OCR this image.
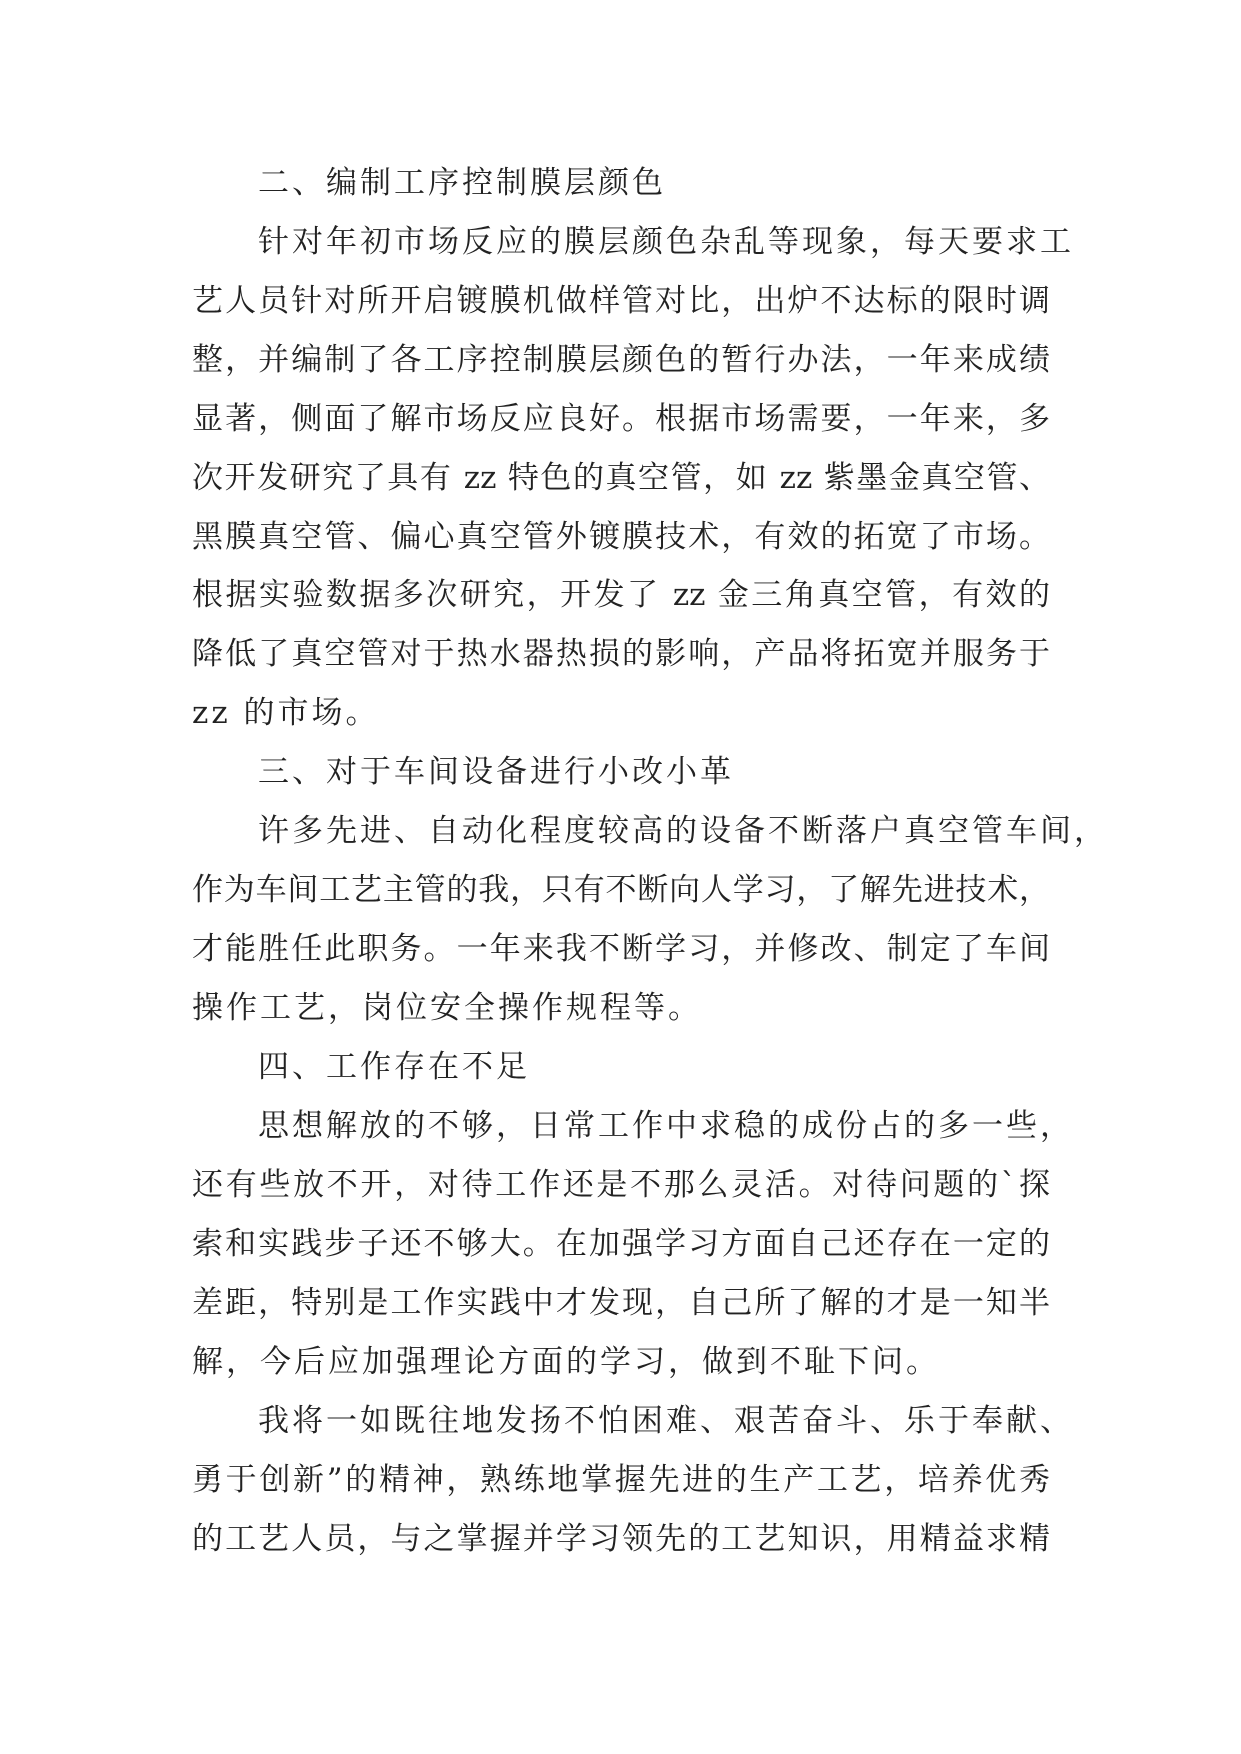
二、编制工序控制膜层颜色
针对年初市场反应的膜层颜色杂乱等现象，每天要求工
艺人员针对所开启镀膜机做样管对比，出炉不达标的限时调
整，并编制了各工序控制膜层颜色的暂行办法，一年来成绩
显著，侧面了解市场反应良好。根据市场需要，一年来，多
次开发研究了具有 zz 特色的真空管，如 zz 紫墨金真空管、
黑膜真空管、偏心真空管外镀膜技术，有效的拓宽了市场。
根据实验数据多次研究，开发了 zz 金三角真空管，有效的
降低了真空管对于热水器热损的影响，产品将拓宽并服务于
zz 的市场。
三、对于车间设备进行小改小革
许多先进、自动化程度较高的设备不断落户真空管车间，
作为车间工艺主管的我，只有不断向人学习，了解先进技术，
才能胜任此职务。一年来我不断学习，并修改、制定了车间
操作工艺，岗位安全操作规程等。
四、工作存在不足
思想解放的不够，日常工作中求稳的成份占的多一些，
还有些放不开，对待工作还是不那么灵活。对待问题的`探
索和实践步子还不够大。在加强学习方面自己还存在一定的
差距，特别是工作实践中才发现，自己所了解的才是一知半
解，今后应加强理论方面的学习，做到不耻下问。
我将一如既往地发扬不怕困难、艰苦奋斗、乐于奉献、
勇于创新”的精神，熟练地掌握先进的生产工艺，培养优秀
的工艺人员，与之掌握并学习领先的工艺知识，用精益求精
